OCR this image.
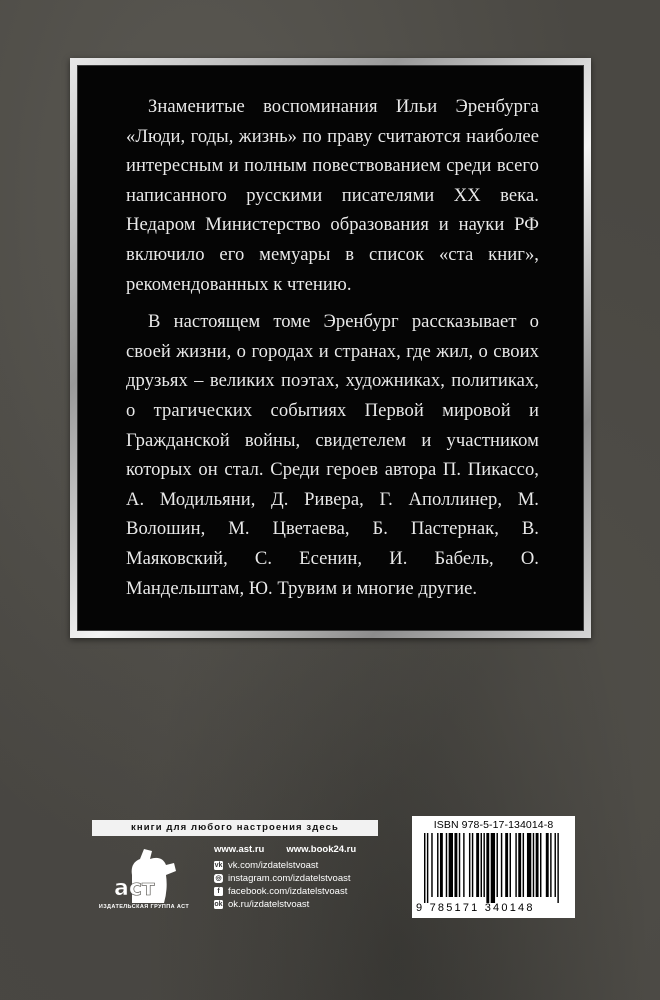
Знаменитые воспоминания Ильи Эренбурга «Люди, годы, жизнь» по праву считаются наиболее интересным и полным повествованием среди всего написанного русскими писателями XX века. Недаром Министерство образования и науки РФ включило его мемуары в список «ста книг», рекомендованных к чтению.

В настоящем томе Эренбург рассказывает о своей жизни, о городах и странах, где жил, о своих друзьях – великих поэтах, художниках, политиках, о трагических событиях Первой мировой и Гражданской войны, свидетелем и участником которых он стал. Среди героев автора П. Пикассо, А. Модильяни, Д. Ривера, Г. Аполлинер, М. Волошин, М. Цветаева, Б. Пастернак, В. Маяковский, С. Есенин, И. Бабель, О. Мандельштам, Ю. Трувим и многие другие.

книги для любого настроения здесь
аст
ИЗДАТЕЛЬСКАЯ ГРУППА АСТ
www.ast.ru www.book24.ru
vk vk.com/izdatelstvoast
◎ instagram.com/izdatelstvoast
f facebook.com/izdatelstvoast
ok ok.ru/izdatelstvoast
ISBN 978-5-17-134014-8
9 785171 340148
